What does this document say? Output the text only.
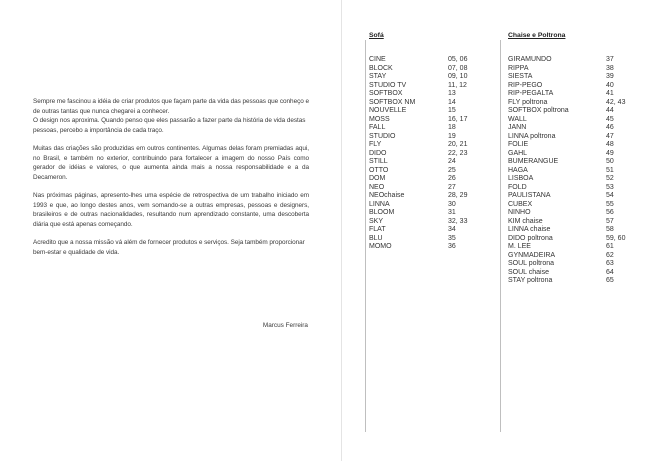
Sempre me fascinou a idéia de criar produtos que façam parte da vida das pessoas que conheço e de outras tantas que nunca chegarei a conhecer.
O design nos aproxima. Quando penso que eles passarão a fazer parte da história de vida destas pessoas, percebo a importância de cada traço.

Muitas das criações são produzidas em outros continentes. Algumas delas foram premiadas aqui, no Brasil, e também no exterior, contribuindo para fortalecer a imagem do nosso País como gerador de idéias e valores, o que aumenta ainda mais a nossa responsabilidade e a da Decameron.

Nas próximas páginas, apresento-lhes uma espécie de retrospectiva de um trabalho iniciado em 1993 e que, ao longo destes anos, vem somando-se a outras empresas, pessoas e designers, brasileiros e de outras nacionalidades, resultando num aprendizado constante, uma descoberta diária que está apenas começando.

Acredito que a nossa missão vá além de fornecer produtos e serviços. Seja também proporcionar bem-estar e qualidade de vida.

Marcus Ferreira
Sofá	Chaise e Poltrona
CINE	05, 06
BLOCK	07, 08
STAY	09, 10
STUDIO TV	11, 12
SOFTBOX	13
SOFTBOX NM	14
NOUVELLE	15
MOSS	16, 17
FALL	18
STUDIO	19
FLY	20, 21
DIDO	22, 23
STILL	24
OTTO	25
DOM	26
NEO	27
NEOchaise	28, 29
LINNA	30
BLOOM	31
SKY	32, 33
FLAT	34
BLU	35
MOMO	36
GIRAMUNDO	37
RIPPA	38
SIESTA	39
RIP-PEGO	40
RIP-PEGALTA	41
FLY poltrona	42, 43
SOFTBOX poltrona	44
WALL	45
JANN	46
LINNA poltrona	47
FOLIE	48
GAHL	49
BUMERANGUE	50
HAGA	51
LISBOA	52
FOLD	53
PAULISTANA	54
CUBEX	55
NINHO	56
KIM chaise	57
LINNA chaise	58
DIDO poltrona	59, 60
M. LEE	61
GYNMADEIRA	62
SOUL poltrona	63
SOUL chaise	64
STAY poltrona	65
